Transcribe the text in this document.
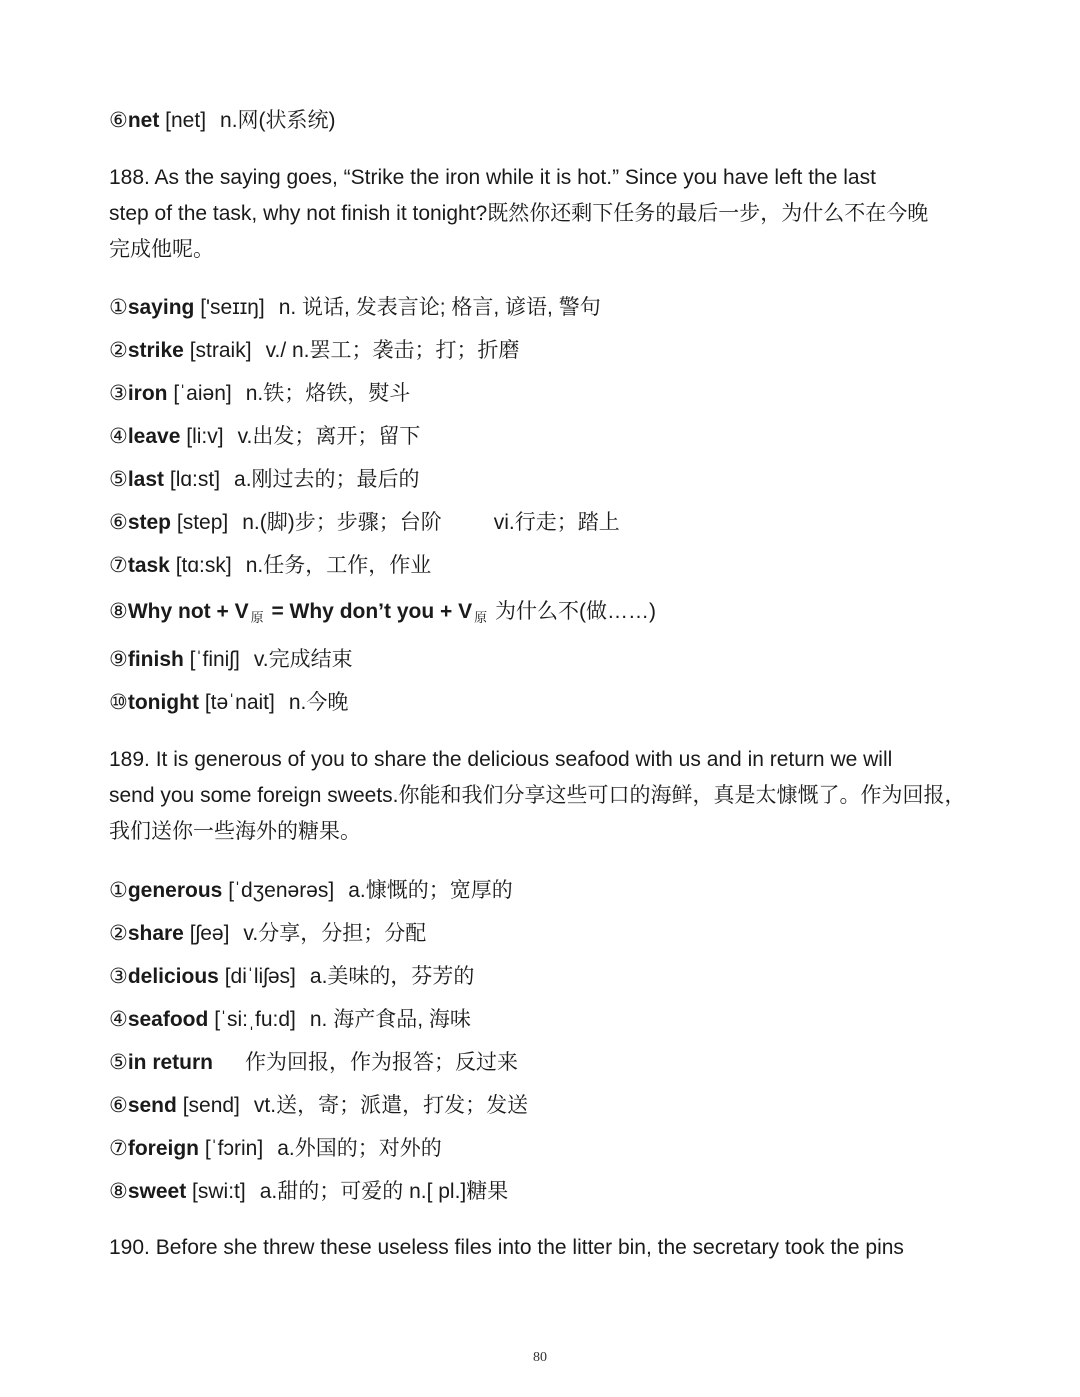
⑥net [net] n.网(状系统)

188. As the saying goes, “Strike the iron while it is hot.” Since you have left the last

step of the task, why not finish it tonight?既然你还剩下任务的最后一步，为什么不在今晚

完成他呢。

①saying ['seɪɪŋ] n. 说话, 发表言论; 格言, 谚语, 警句
②strike [straik] v./ n.罢工；袭击；打；折磨
③iron [ˈaiən] n.铁；烙铁，熨斗
④leave [li:v] v.出发；离开；留下
⑤last [lɑ:st] a.刚过去的；最后的
⑥step [step] n.(脚)步；步骤；台阶 vi.行走；踏上
⑦task [tɑ:sk] n.任务，工作，作业
⑧Why not + V $_原$ = Why don’t you + V $_原$ 为什么不(做……)
⑨finish [ˈfiniʃ] v.完成结束
⑩tonight [təˈnait] n.今晚

189. It is generous of you to share the delicious seafood with us and in return we will

send you some foreign sweets.你能和我们分享这些可口的海鲜，真是太慷慨了。作为回报，

我们送你一些海外的糖果。

①generous [ˈdʒenərəs] a.慷慨的；宽厚的
②share [ʃeə] v.分享，分担；分配
③delicious [diˈliʃəs] a.美味的，芬芳的
④seafood [ˈsi:ˌfu:d] n. 海产食品, 海味
⑤in return 作为回报，作为报答；反过来
⑥send [send] vt.送，寄；派遣，打发；发送
⑦foreign [ˈfɔrin] a.外国的；对外的
⑧sweet [swi:t] a.甜的；可爱的 n.[ pl.]糖果
190. Before she threw these useless files into the litter bin, the secretary took the pins
80
